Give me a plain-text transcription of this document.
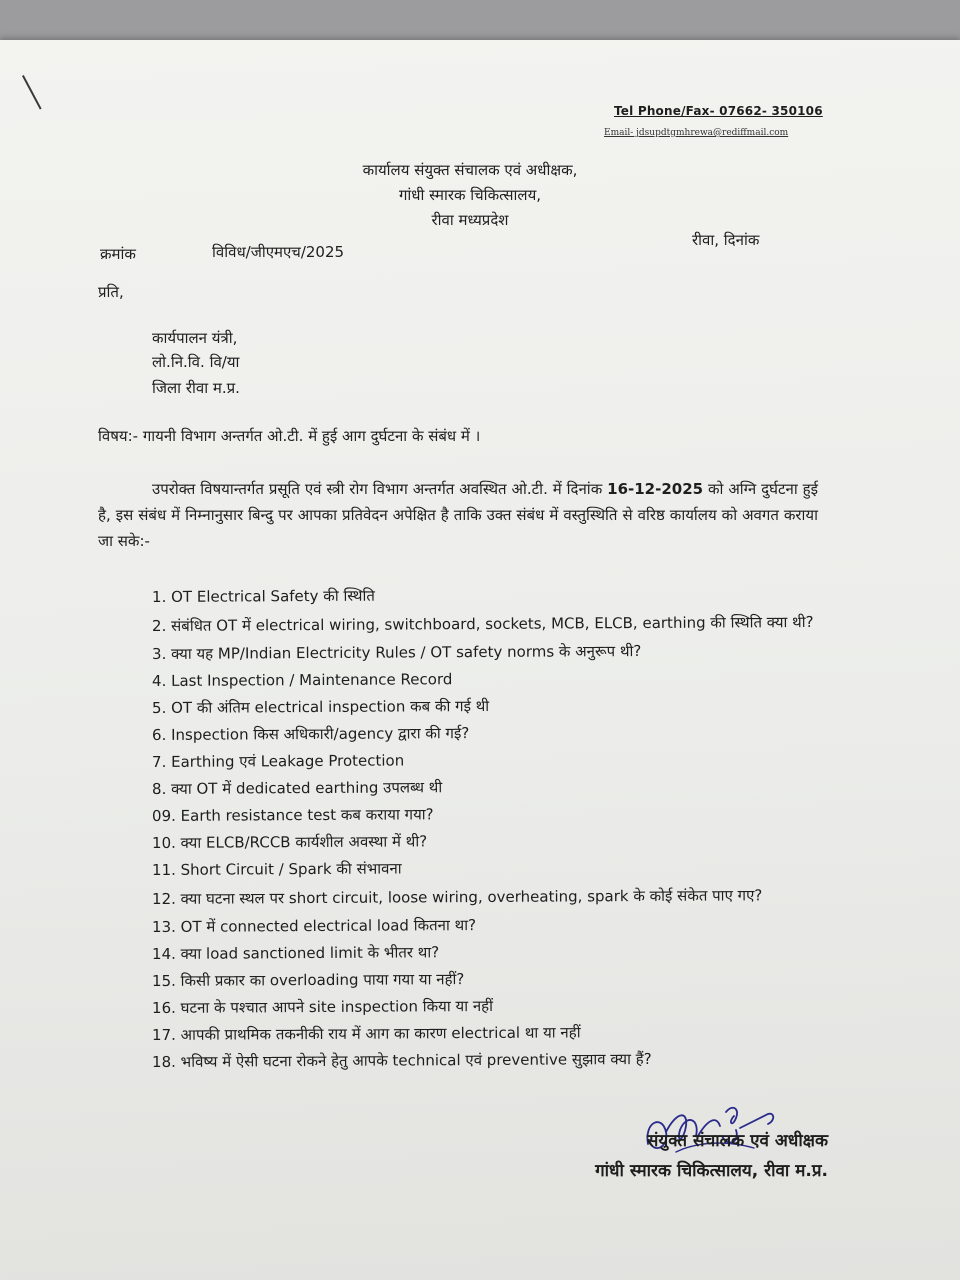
Tel Phone/Fax- 07662- 350106
Email- jdsupdtgmhrewa@rediffmail.com
कार्यालय संयुक्त संचालक एवं अधीक्षक,
गांधी स्मारक चिकित्सालय,
रीवा मध्यप्रदेश
क्रमांक	विविध/जीएमएच/2025
रीवा, दिनांक
प्रति,
कार्यपालन यंत्री,
लो.नि.वि. वि/या
जिला रीवा म.प्र.
विषय:- गायनी विभाग अन्तर्गत ओ.टी. में हुई आग दुर्घटना के संबंध में ।
उपरोक्त विषयान्तर्गत प्रसूति एवं स्त्री रोग विभाग अन्तर्गत अवस्थित ओ.टी. में दिनांक 16-12-2025 को अग्नि दुर्घटना हुई है, इस संबंध में निम्नानुसार बिन्दु पर आपका प्रतिवेदन अपेक्षित है ताकि उक्त संबंध में वस्तुस्थिति से वरिष्ठ कार्यालय को अवगत कराया जा सके:-
1. OT Electrical Safety की स्थिति
2. संबंधित OT में electrical wiring, switchboard, sockets, MCB, ELCB, earthing की स्थिति क्या थी?
3. क्या यह MP/Indian Electricity Rules / OT safety norms के अनुरूप थी?
4. Last Inspection / Maintenance Record
5. OT की अंतिम electrical inspection कब की गई थी
6. Inspection किस अधिकारी/agency द्वारा की गई?
7. Earthing एवं Leakage Protection
8. क्या OT में dedicated earthing उपलब्ध थी
09. Earth resistance test कब कराया गया?
10. क्या ELCB/RCCB कार्यशील अवस्था में थी?
11. Short Circuit / Spark की संभावना
12. क्या घटना स्थल पर short circuit, loose wiring, overheating, spark के कोई संकेत पाए गए?
13. OT में connected electrical load कितना था?
14. क्या load sanctioned limit के भीतर था?
15. किसी प्रकार का overloading पाया गया या नहीं?
16. घटना के पश्चात आपने site inspection किया या नहीं
17. आपकी प्राथमिक तकनीकी राय में आग का कारण electrical था या नहीं
18. भविष्य में ऐसी घटना रोकने हेतु आपके technical एवं preventive सुझाव क्या हैं?
संयुक्त संचालक एवं अधीक्षक
गांधी स्मारक चिकित्सालय, रीवा म.प्र.
